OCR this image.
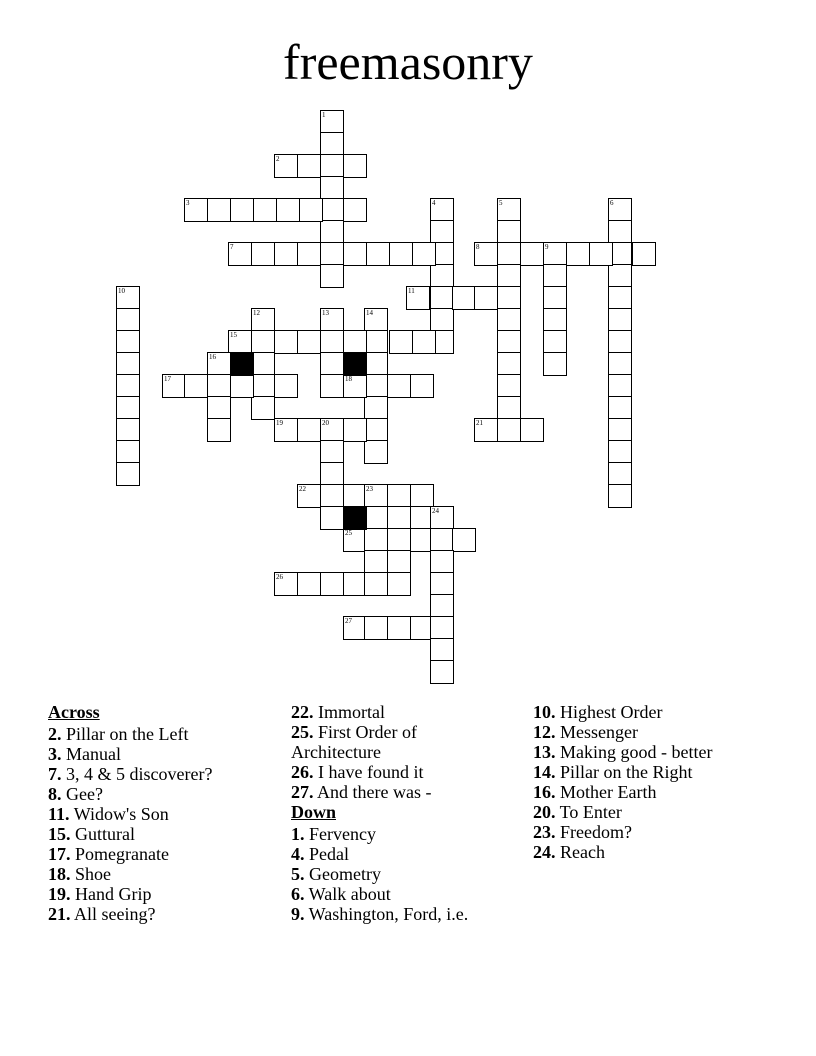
freemasonry
1
2
3	4	5	6
7	8	9
10	11
12	13	14
15
16
17	18
19	20	21
22	23
24
25
26
27
Across
2. Pillar on the Left
3. Manual
7. 3, 4 & 5 discoverer?
8. Gee?
11. Widow's Son
15. Guttural
17. Pomegranate
18. Shoe
19. Hand Grip
21. All seeing?
22. Immortal
25. First Order of Architecture
26. I have found it
27. And there was -
Down
1. Fervency
4. Pedal
5. Geometry
6. Walk about
9. Washington, Ford, i.e.
10. Highest Order
12. Messenger
13. Making good - better
14. Pillar on the Right
16. Mother Earth
20. To Enter
23. Freedom?
24. Reach
